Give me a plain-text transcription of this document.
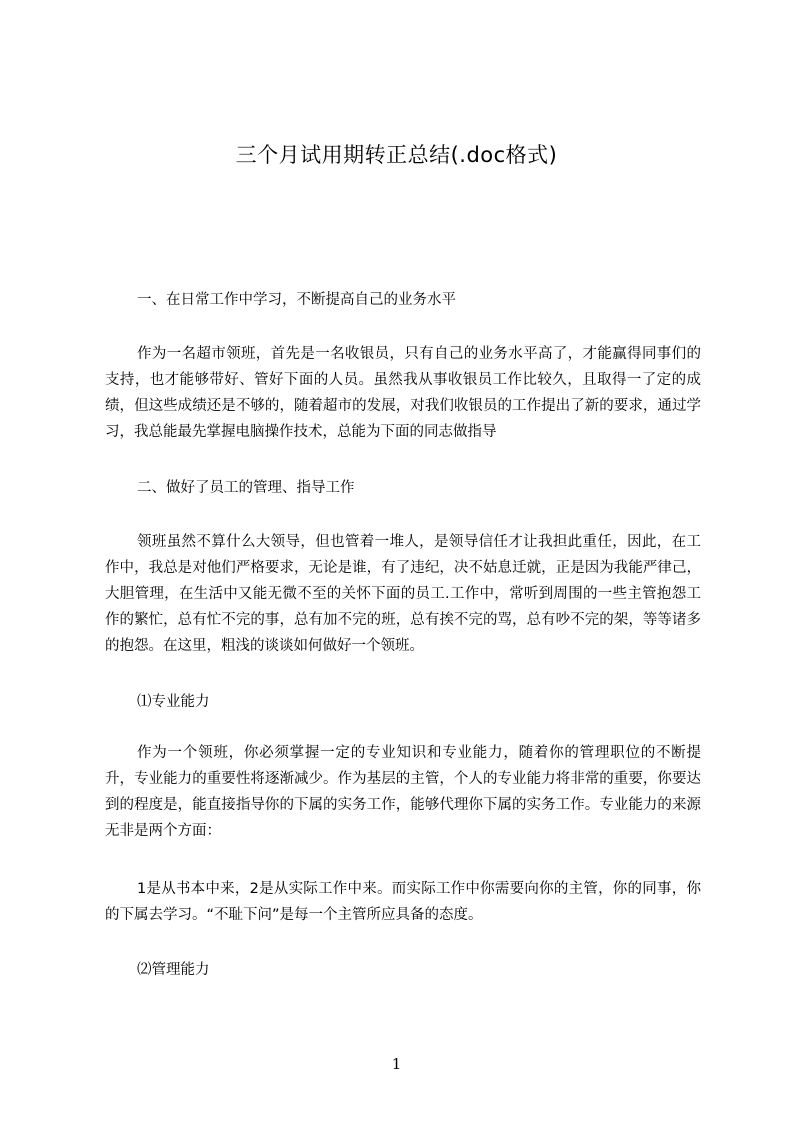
三个月试用期转正总结(.doc格式)

一、在日常工作中学习，不断提高自己的业务水平

作为一名超市领班，首先是一名收银员，只有自己的业务水平高了，才能赢得同事们的支持，也才能够带好、管好下面的人员。虽然我从事收银员工作比较久，且取得一了定的成绩，但这些成绩还是不够的，随着超市的发展，对我们收银员的工作提出了新的要求，通过学习，我总能最先掌握电脑操作技术，总能为下面的同志做指导

二、做好了员工的管理、指导工作

领班虽然不算什么大领导，但也管着一堆人，是领导信任才让我担此重任，因此，在工作中，我总是对他们严格要求，无论是谁，有了违纪，决不姑息迁就，正是因为我能严律己，大胆管理，在生活中又能无微不至的关怀下面的员工.工作中，常听到周围的一些主管抱怨工作的繁忙，总有忙不完的事，总有加不完的班，总有挨不完的骂，总有吵不完的架，等等诸多的抱怨。在这里，粗浅的谈谈如何做好一个领班。

⑴专业能力

作为一个领班，你必须掌握一定的专业知识和专业能力，随着你的管理职位的不断提升，专业能力的重要性将逐渐减少。作为基层的主管，个人的专业能力将非常的重要，你要达到的程度是，能直接指导你的下属的实务工作，能够代理你下属的实务工作。专业能力的来源无非是两个方面：

1是从书本中来，2是从实际工作中来。而实际工作中你需要向你的主管，你的同事，你的下属去学习。“不耻下问”是每一个主管所应具备的态度。

⑵管理能力

1
